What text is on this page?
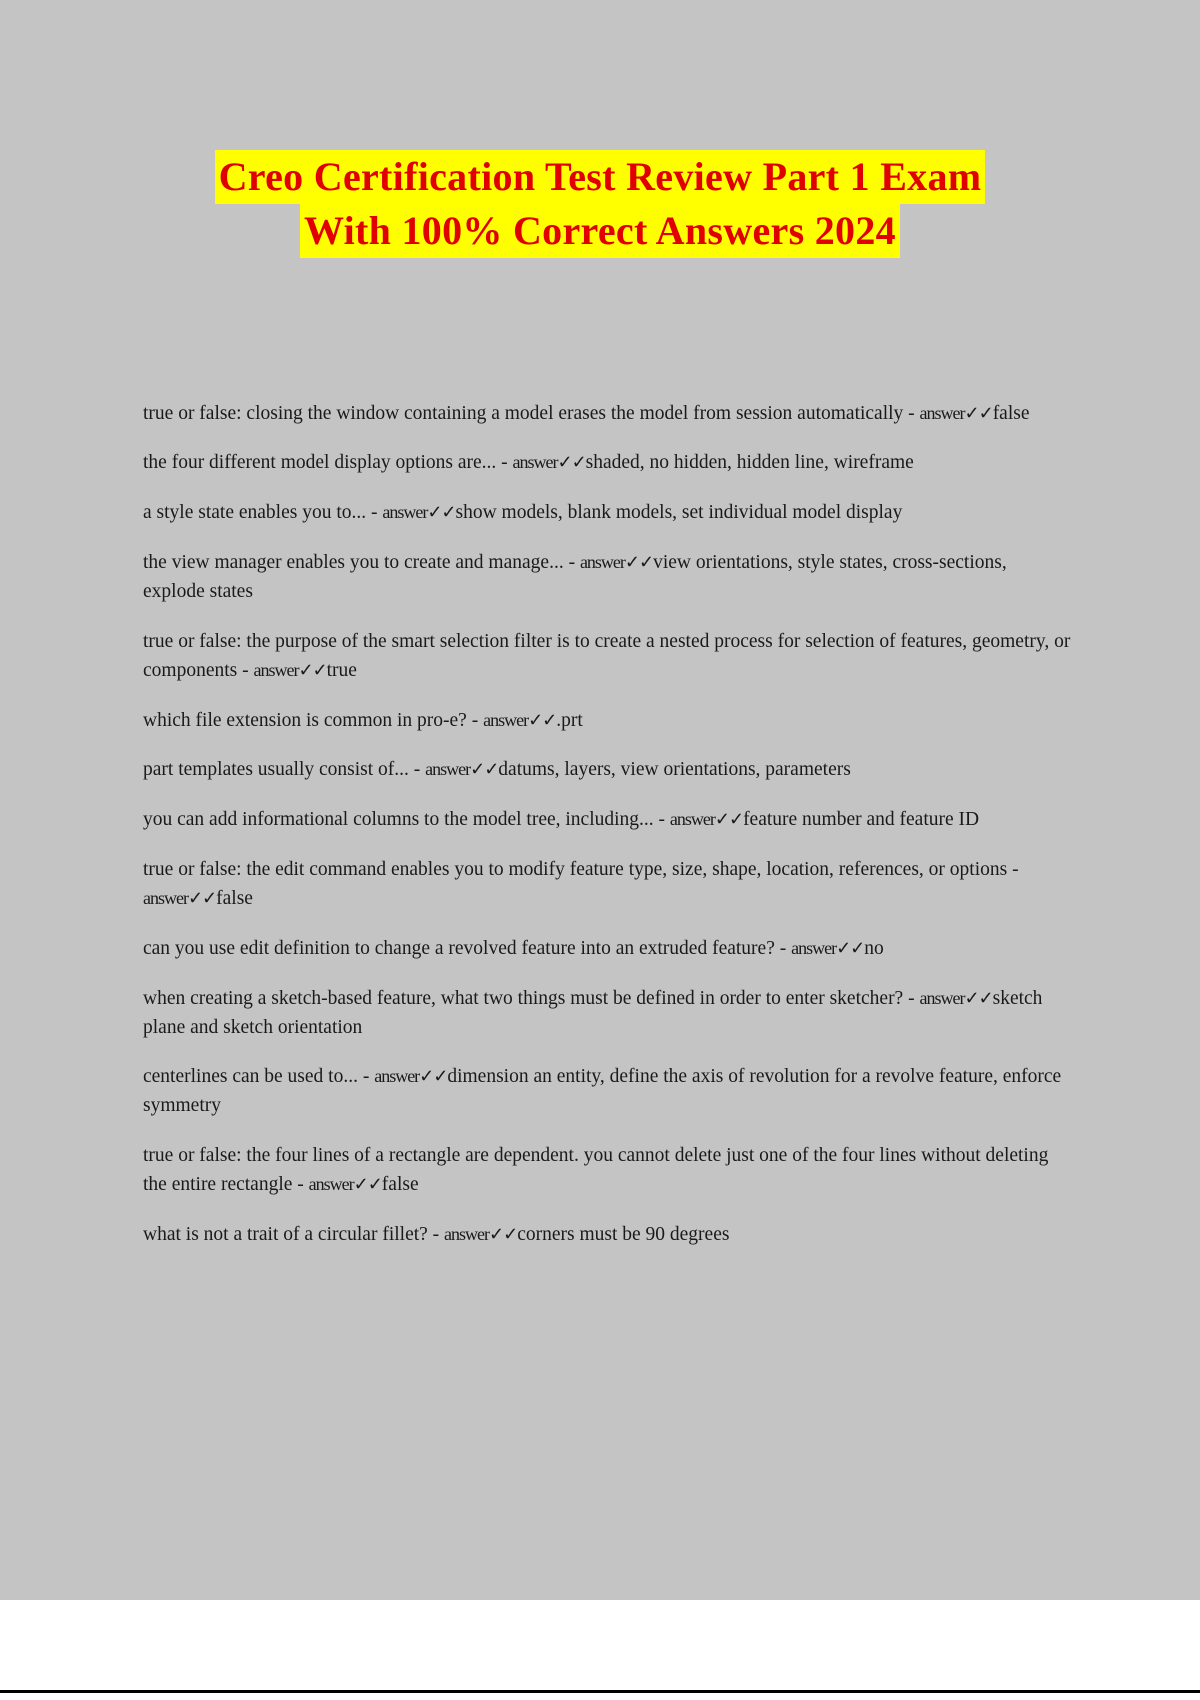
Creo Certification Test Review Part 1 Exam
With 100% Correct Answers 2024

true or false: closing the window containing a model erases the model from session automatically - answer✓✓false

the four different model display options are... - answer✓✓shaded, no hidden, hidden line, wireframe

a style state enables you to... - answer✓✓show models, blank models, set individual model display

the view manager enables you to create and manage... - answer✓✓view orientations, style states, cross-sections, explode states

true or false: the purpose of the smart selection filter is to create a nested process for selection of features, geometry, or components - answer✓✓true

which file extension is common in pro-e? - answer✓✓.prt

part templates usually consist of... - answer✓✓datums, layers, view orientations, parameters

you can add informational columns to the model tree, including... - answer✓✓feature number and feature ID

true or false: the edit command enables you to modify feature type, size, shape, location, references, or options - answer✓✓false

can you use edit definition to change a revolved feature into an extruded feature? - answer✓✓no

when creating a sketch-based feature, what two things must be defined in order to enter sketcher? - answer✓✓sketch plane and sketch orientation

centerlines can be used to... - answer✓✓dimension an entity, define the axis of revolution for a revolve feature, enforce symmetry

true or false: the four lines of a rectangle are dependent. you cannot delete just one of the four lines without deleting the entire rectangle - answer✓✓false

what is not a trait of a circular fillet? - answer✓✓corners must be 90 degrees
